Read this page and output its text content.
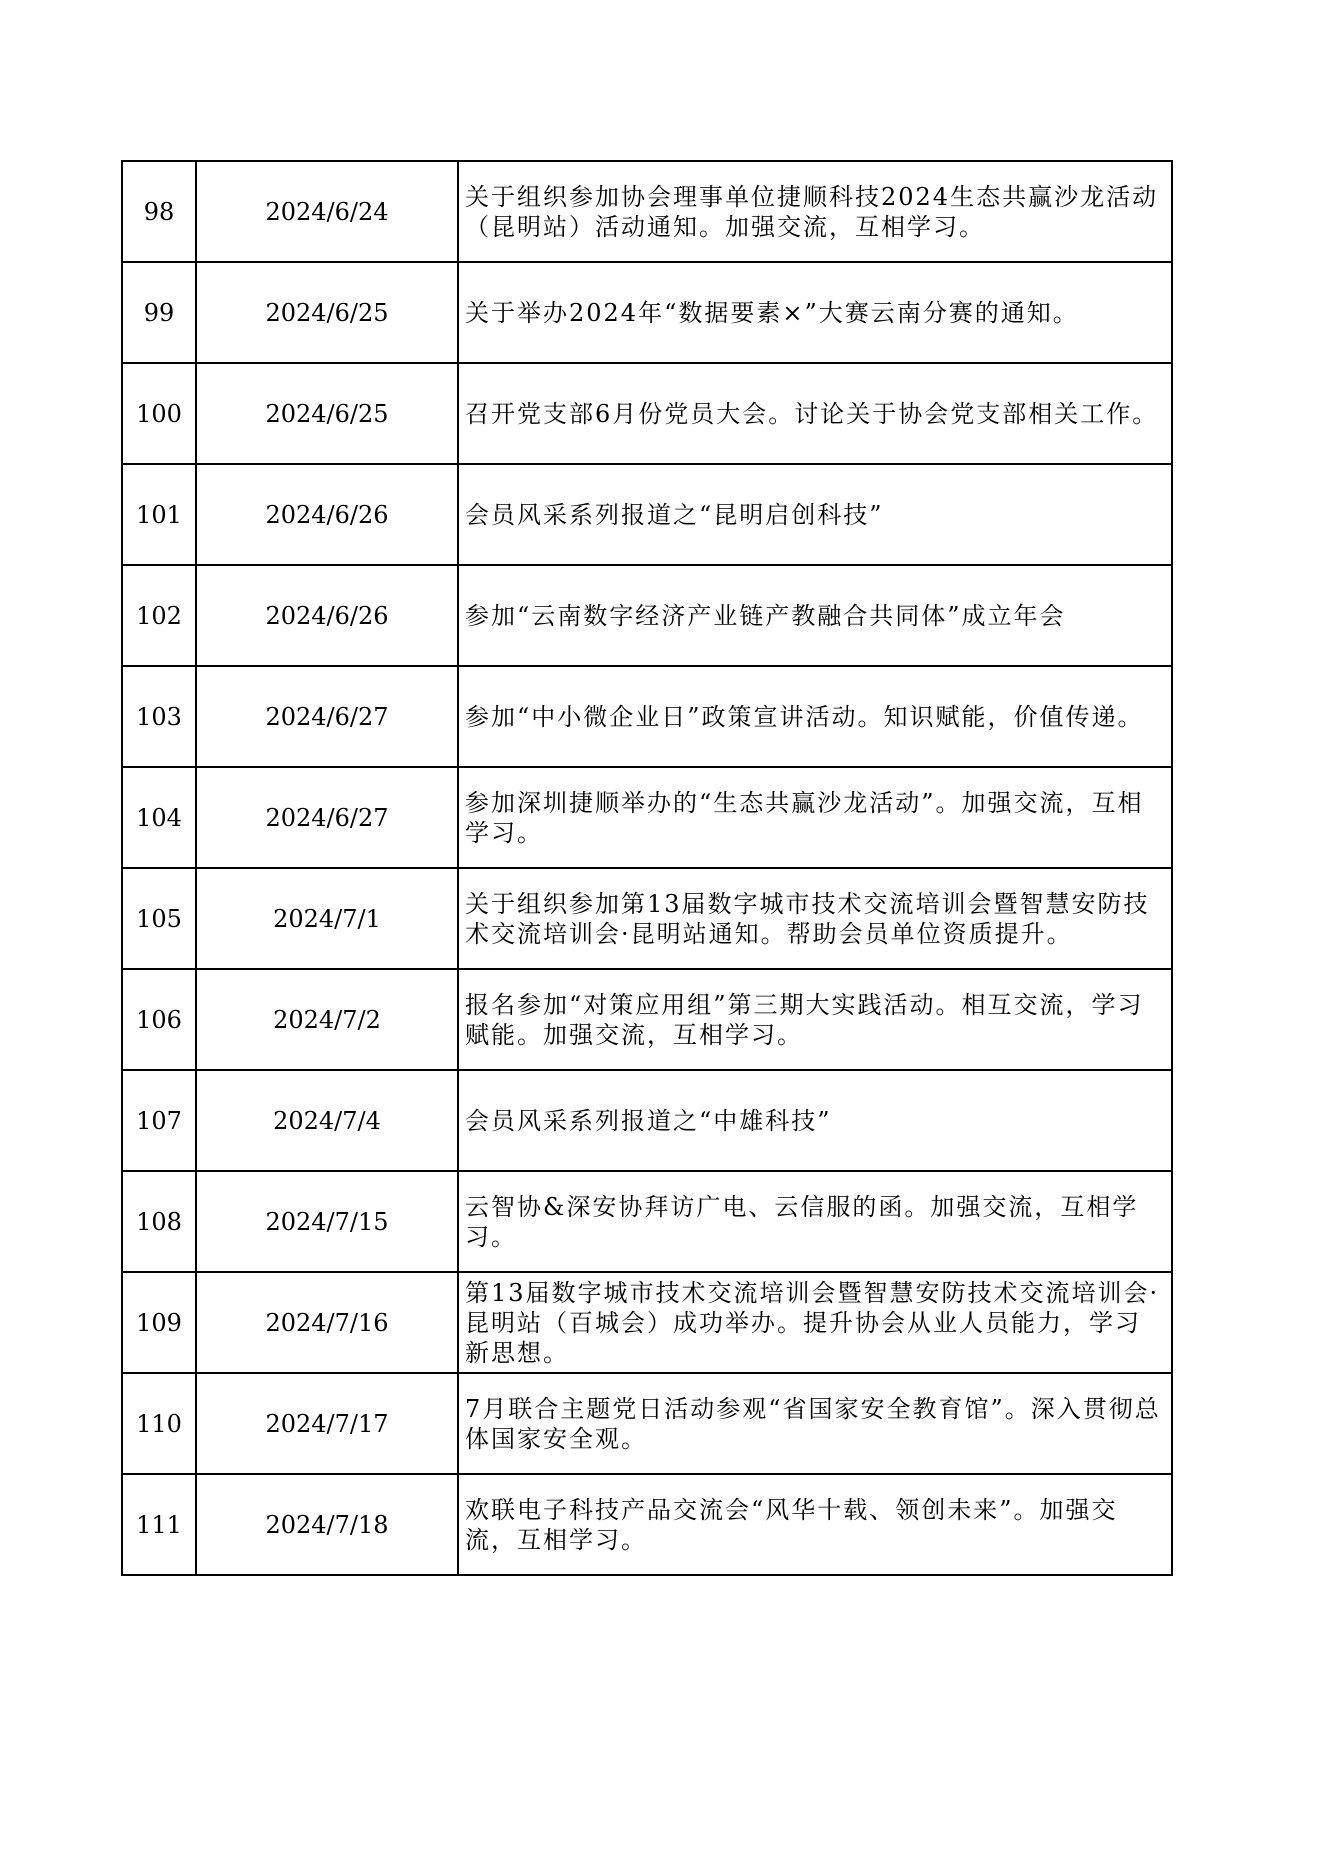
98	2024/6/24	关于组织参加协会理事单位捷顺科技2024生态共赢沙龙活动（昆明站）活动通知。加强交流，互相学习。
99	2024/6/25	关于举办2024年“数据要素×”大赛云南分赛的通知。
100	2024/6/25	召开党支部6月份党员大会。讨论关于协会党支部相关工作。
101	2024/6/26	会员风采系列报道之“昆明启创科技”
102	2024/6/26	参加“云南数字经济产业链产教融合共同体”成立年会
103	2024/6/27	参加“中小微企业日”政策宣讲活动。知识赋能，价值传递。
104	2024/6/27	参加深圳捷顺举办的“生态共赢沙龙活动”。加强交流，互相学习。
105	2024/7/1	关于组织参加第13届数字城市技术交流培训会暨智慧安防技术交流培训会·昆明站通知。帮助会员单位资质提升。
106	2024/7/2	报名参加“对策应用组”第三期大实践活动。相互交流，学习赋能。加强交流，互相学习。
107	2024/7/4	会员风采系列报道之“中雄科技”
108	2024/7/15	云智协&深安协拜访广电、云信服的函。加强交流，互相学习。
109	2024/7/16	第13届数字城市技术交流培训会暨智慧安防技术交流培训会·昆明站（百城会）成功举办。提升协会从业人员能力，学习新思想。
110	2024/7/17	7月联合主题党日活动参观“省国家安全教育馆”。深入贯彻总体国家安全观。
111	2024/7/18	欢联电子科技产品交流会“风华十载、领创未来”。加强交流，互相学习。
